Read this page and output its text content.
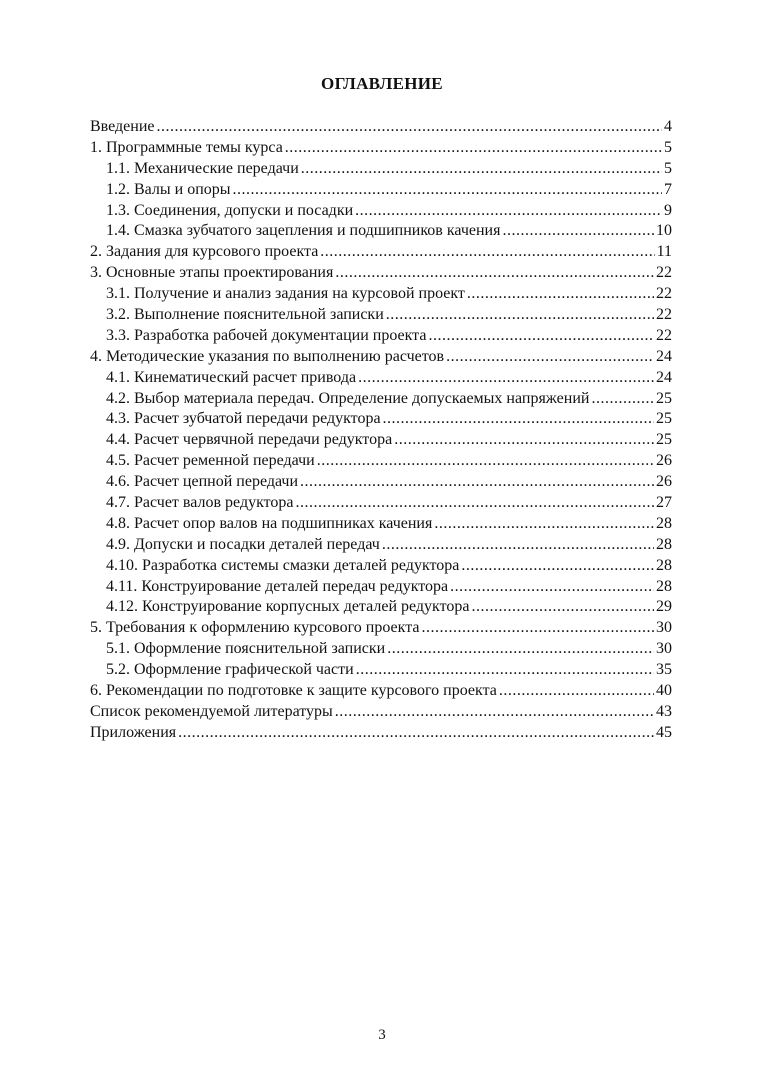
ОГЛАВЛЕНИЕ
Введение .....	4
1. Программные темы курса .....	5
1.1. Механические передачи .....	5
1.2. Валы и опоры .....	7
1.3. Соединения, допуски и посадки .....	9
1.4. Смазка зубчатого зацепления и подшипников качения .....	10
2. Задания для курсового проекта .....	11
3. Основные этапы проектирования .....	22
3.1. Получение и анализ задания на курсовой проект .....	22
3.2. Выполнение пояснительной записки .....	22
3.3. Разработка рабочей документации проекта .....	22
4. Методические указания по выполнению расчетов .....	24
4.1. Кинематический расчет привода .....	24
4.2. Выбор материала передач. Определение допускаемых напряжений .....	25
4.3. Расчет зубчатой передачи редуктора .....	25
4.4. Расчет червячной передачи редуктора .....	25
4.5. Расчет ременной передачи .....	26
4.6. Расчет цепной передачи .....	26
4.7. Расчет валов редуктора .....	27
4.8. Расчет опор валов на подшипниках качения .....	28
4.9. Допуски и посадки деталей передач .....	28
4.10. Разработка системы смазки деталей редуктора .....	28
4.11. Конструирование деталей передач редуктора .....	28
4.12. Конструирование корпусных деталей редуктора .....	29
5. Требования к оформлению курсового проекта .....	30
5.1. Оформление пояснительной записки .....	30
5.2. Оформление графической части .....	35
6. Рекомендации по подготовке к защите курсового проекта .....	40
Список рекомендуемой литературы .....	43
Приложения .....	45
3
